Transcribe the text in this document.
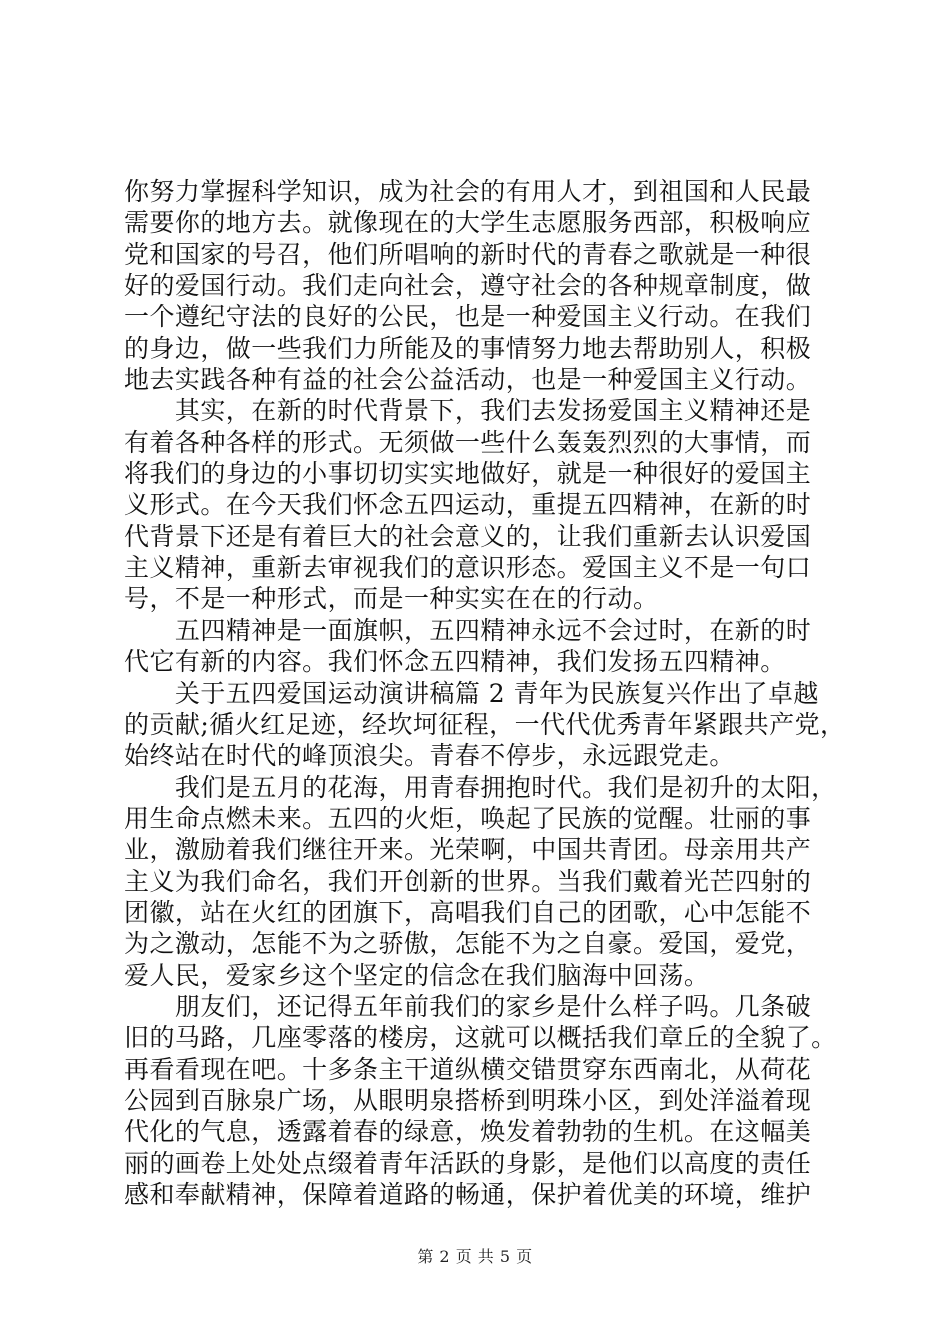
你努力掌握科学知识，成为社会的有用人才，到祖国和人民最
需要你的地方去。就像现在的大学生志愿服务西部，积极响应
党和国家的号召，他们所唱响的新时代的青春之歌就是一种很
好的爱国行动。我们走向社会，遵守社会的各种规章制度，做
一个遵纪守法的良好的公民，也是一种爱国主义行动。在我们
的身边，做一些我们力所能及的事情努力地去帮助别人，积极
地去实践各种有益的社会公益活动，也是一种爱国主义行动。
　　其实，在新的时代背景下，我们去发扬爱国主义精神还是
有着各种各样的形式。无须做一些什么轰轰烈烈的大事情，而
将我们的身边的小事切切实实地做好，就是一种很好的爱国主
义形式。在今天我们怀念五四运动，重提五四精神，在新的时
代背景下还是有着巨大的社会意义的，让我们重新去认识爱国
主义精神，重新去审视我们的意识形态。爱国主义不是一句口
号，不是一种形式，而是一种实实在在的行动。
　　五四精神是一面旗帜，五四精神永远不会过时，在新的时
代它有新的内容。我们怀念五四精神，我们发扬五四精神。
　　关于五四爱国运动演讲稿篇 2 青年为民族复兴作出了卓越
的贡献;循火红足迹，经坎坷征程，一代代优秀青年紧跟共产党，
始终站在时代的峰顶浪尖。青春不停步，永远跟党走。
　　我们是五月的花海，用青春拥抱时代。我们是初升的太阳，
用生命点燃未来。五四的火炬，唤起了民族的觉醒。壮丽的事
业，激励着我们继往开来。光荣啊，中国共青团。母亲用共产
主义为我们命名，我们开创新的世界。当我们戴着光芒四射的
团徽，站在火红的团旗下，高唱我们自己的团歌，心中怎能不
为之激动，怎能不为之骄傲，怎能不为之自豪。爱国，爱党，
爱人民，爱家乡这个坚定的信念在我们脑海中回荡。
　　朋友们，还记得五年前我们的家乡是什么样子吗。几条破
旧的马路，几座零落的楼房，这就可以概括我们章丘的全貌了。
再看看现在吧。十多条主干道纵横交错贯穿东西南北，从荷花
公园到百脉泉广场，从眼明泉搭桥到明珠小区，到处洋溢着现
代化的气息，透露着春的绿意，焕发着勃勃的生机。在这幅美
丽的画卷上处处点缀着青年活跃的身影，是他们以高度的责任
感和奉献精神，保障着道路的畅通，保护着优美的环境，维护
第 2 页 共 5 页
